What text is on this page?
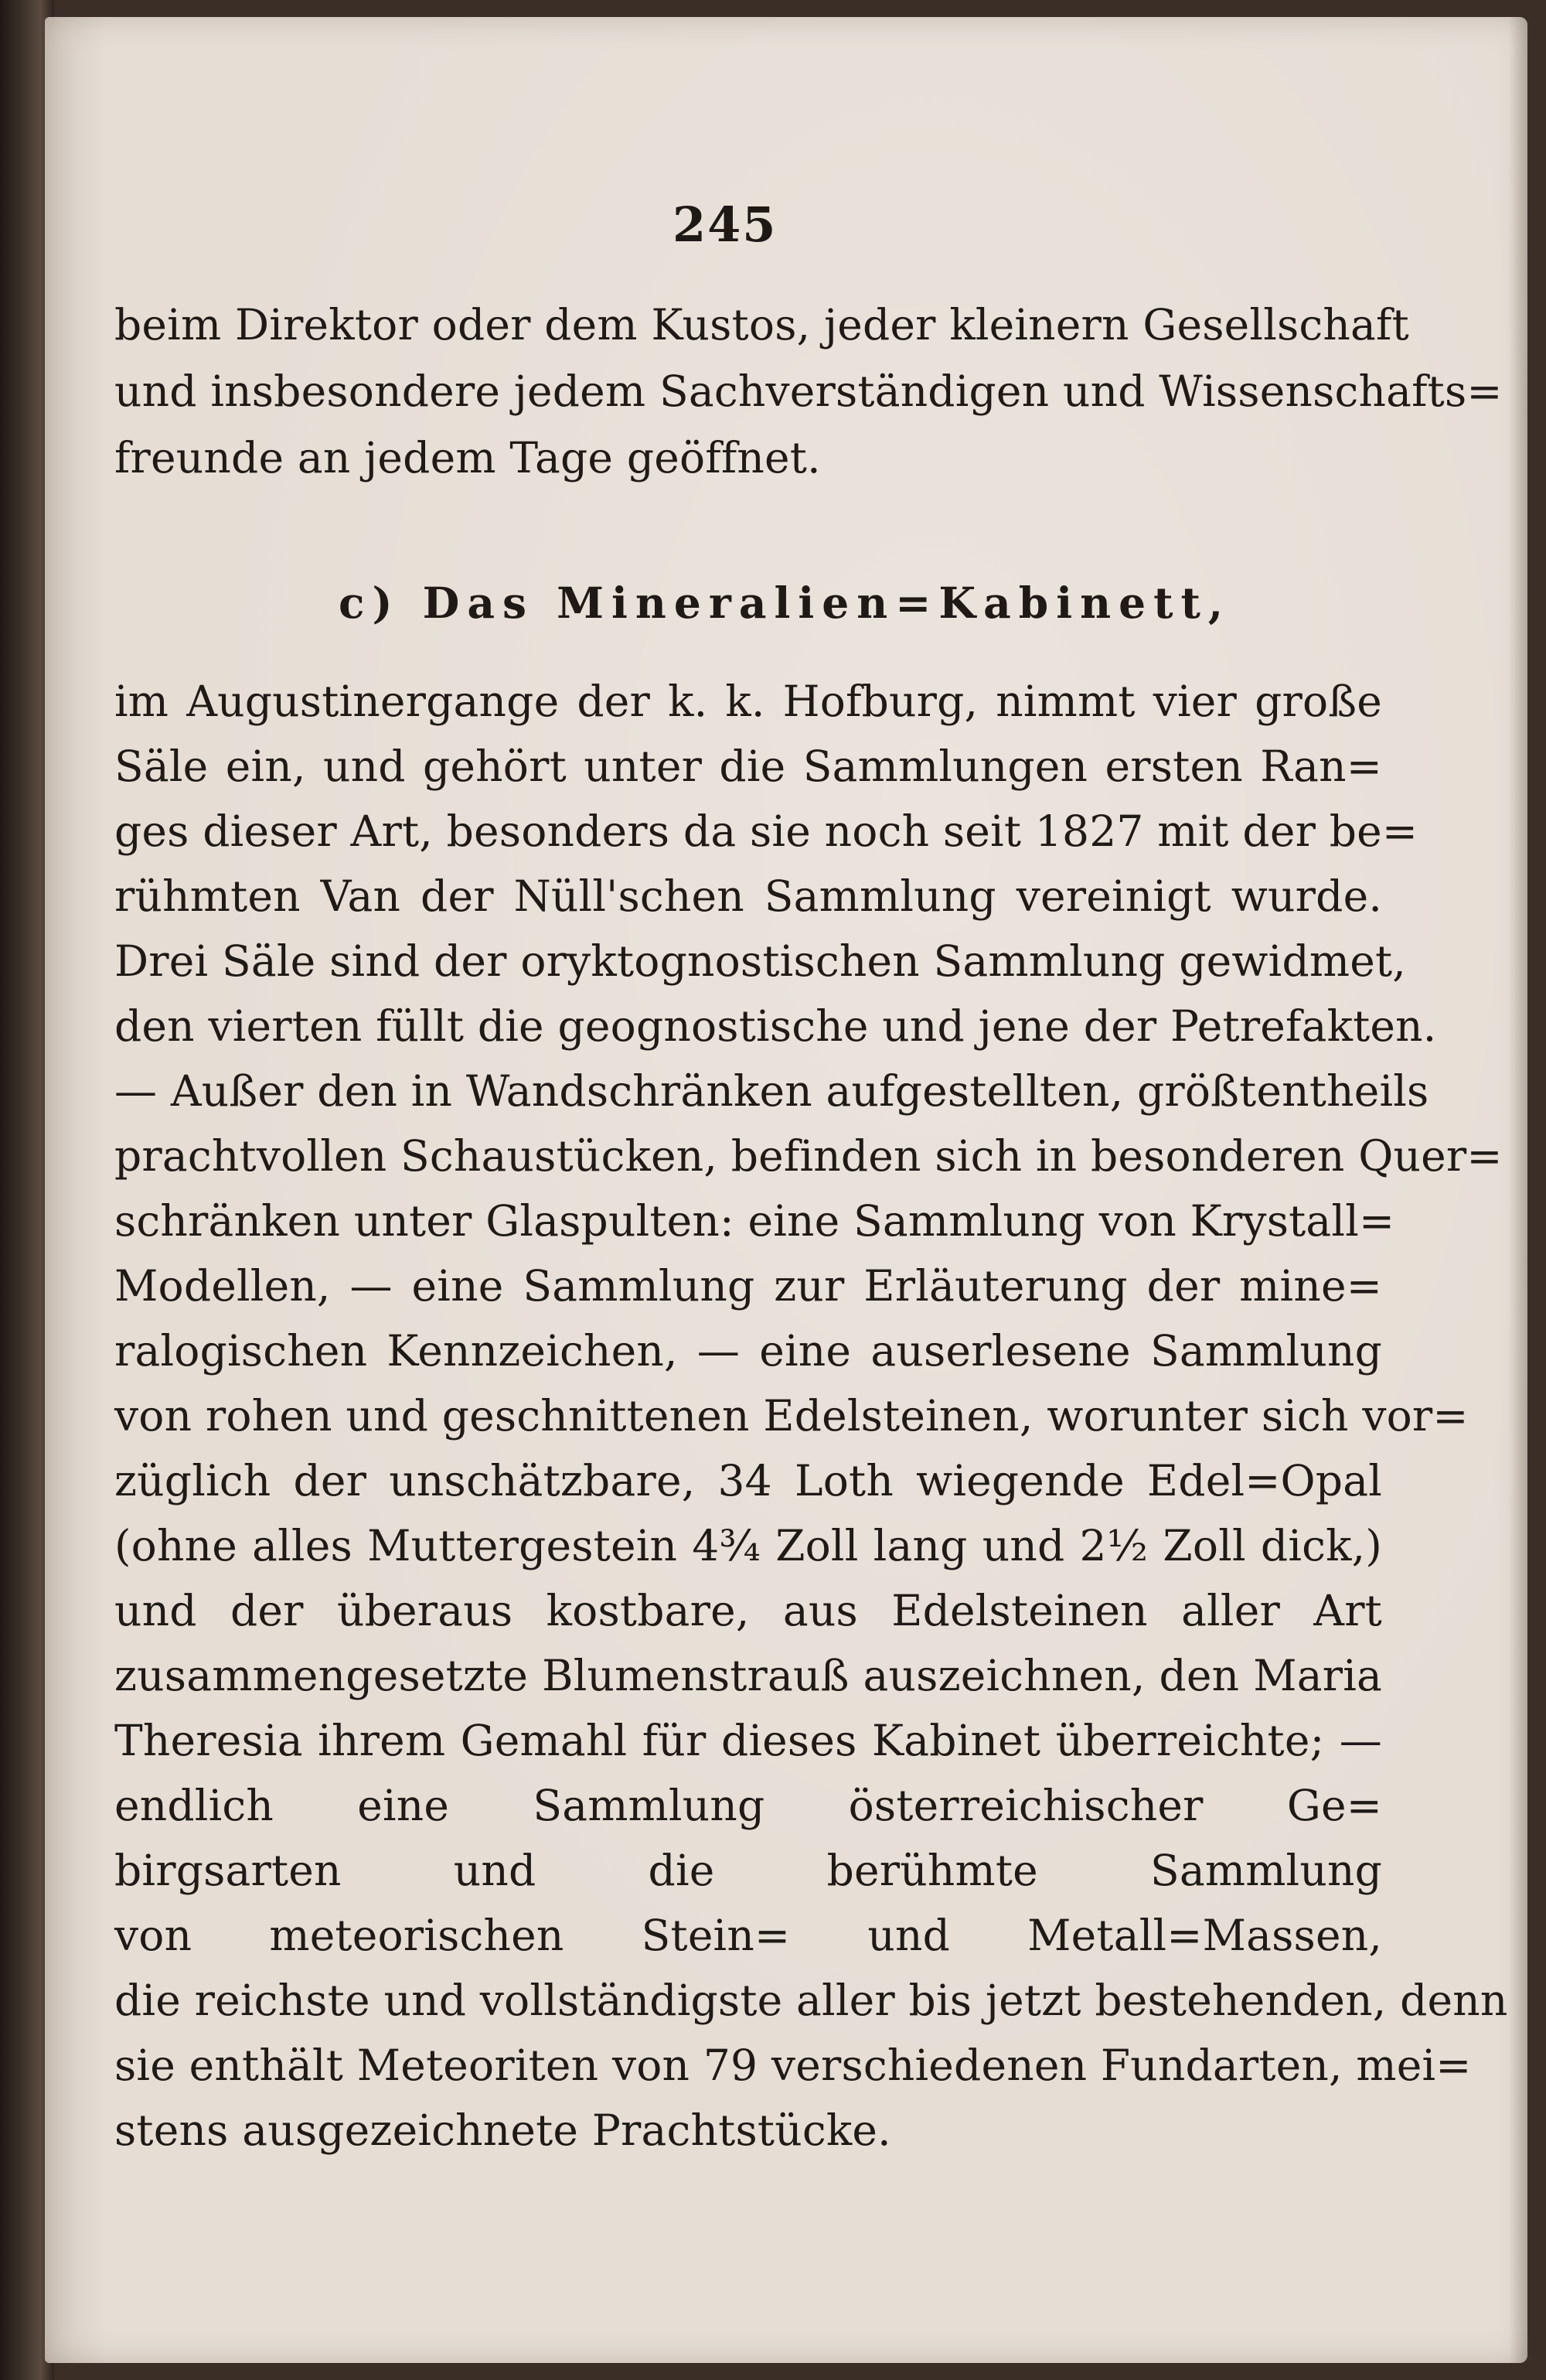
245
beim Direktor oder dem Kustos, jeder kleinern Gesellschaft
und insbesondere jedem Sachverständigen und Wissenschafts=
freunde an jedem Tage geöffnet.
c) Das Mineralien=Kabinett,
im Augustinergange der k. k. Hofburg, nimmt vier große
Säle ein, und gehört unter die Sammlungen ersten Ran=
ges dieser Art, besonders da sie noch seit 1827 mit der be=
rühmten Van der Nüll'schen Sammlung vereinigt wurde.
Drei Säle sind der oryktognostischen Sammlung gewidmet,
den vierten füllt die geognostische und jene der Petrefakten.
— Außer den in Wandschränken aufgestellten, größtentheils
prachtvollen Schaustücken, befinden sich in besonderen Quer=
schränken unter Glaspulten: eine Sammlung von Krystall=
Modellen, — eine Sammlung zur Erläuterung der mine=
ralogischen Kennzeichen, — eine auserlesene Sammlung
von rohen und geschnittenen Edelsteinen, worunter sich vor=
züglich der unschätzbare, 34 Loth wiegende Edel=Opal
(ohne alles Muttergestein 4¾ Zoll lang und 2½ Zoll dick,)
und der überaus kostbare, aus Edelsteinen aller Art
zusammengesetzte Blumenstrauß auszeichnen, den Maria
Theresia ihrem Gemahl für dieses Kabinet überreichte; —
endlich eine Sammlung österreichischer Ge=
birgsarten und die berühmte Sammlung
von meteorischen Stein= und Metall=Massen,
die reichste und vollständigste aller bis jetzt bestehenden, denn
sie enthält Meteoriten von 79 verschiedenen Fundarten, mei=
stens ausgezeichnete Prachtstücke.
